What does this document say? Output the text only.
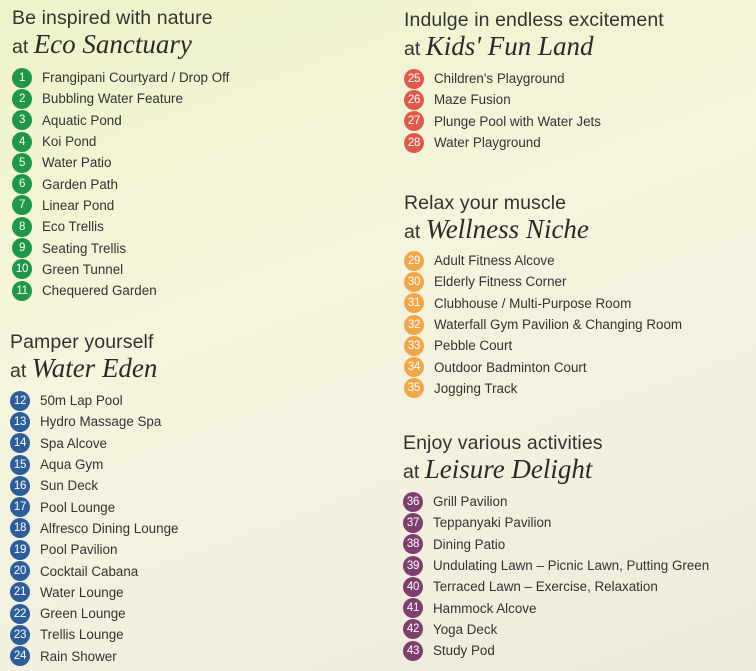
Be inspired with nature
at Eco Sanctuary
1	Frangipani Courtyard / Drop Off
2	Bubbling Water Feature
3	Aquatic Pond
4	Koi Pond
5	Water Patio
6	Garden Path
7	Linear Pond
8	Eco Trellis
9	Seating Trellis
10 Green Tunnel
11	Chequered Garden
Pamper yourself
at Water Eden
12 50m Lap Pool
13 Hydro Massage Spa
14 Spa Alcove
15 Aqua Gym
16 Sun Deck
17 Pool Lounge
18 Alfresco Dining Lounge
19 Pool Pavilion
20 Cocktail Cabana
21 Water Lounge
22 Green Lounge
23 Trellis Lounge
24 Rain Shower
Indulge in endless excitement
at Kids' Fun Land
25 Children's Playground
26 Maze Fusion
27 Plunge Pool with Water Jets
28 Water Playground
Relax your muscle
at Wellness Niche
29 Adult Fitness Alcove
30 Elderly Fitness Corner
31 Clubhouse / Multi-Purpose Room
32 Waterfall Gym Pavilion & Changing Room
33 Pebble Court
34 Outdoor Badminton Court
35 Jogging Track
Enjoy various activities
at Leisure Delight
36 Grill Pavilion
37 Teppanyaki Pavilion
38 Dining Patio
39 Undulating Lawn – Picnic Lawn, Putting Green
40 Terraced Lawn – Exercise, Relaxation
41 Hammock Alcove
42 Yoga Deck
43 Study Pod
